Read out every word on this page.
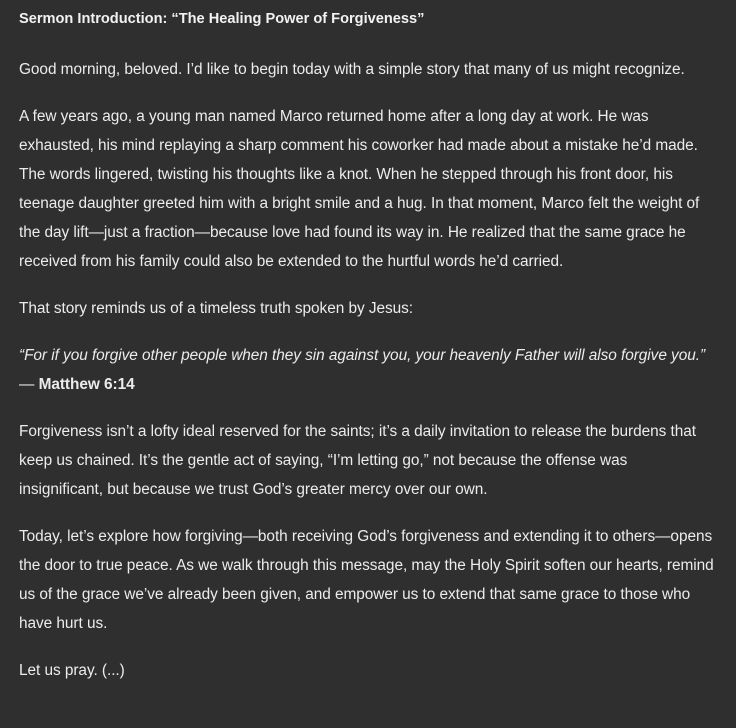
Sermon Introduction: “The Healing Power of Forgiveness”

Good morning, beloved. I’d like to begin today with a simple story that many of us might recognize.

A few years ago, a young man named Marco returned home after a long day at work. He was exhausted, his mind replaying a sharp comment his coworker had made about a mistake he’d made. The words lingered, twisting his thoughts like a knot. When he stepped through his front door, his teenage daughter greeted him with a bright smile and a hug. In that moment, Marco felt the weight of the day lift—just a fraction—because love had found its way in. He realized that the same grace he received from his family could also be extended to the hurtful words he’d carried.

That story reminds us of a timeless truth spoken by Jesus:

“For if you forgive other people when they sin against you, your heavenly Father will also forgive you.” — Matthew 6:14

Forgiveness isn’t a lofty ideal reserved for the saints; it’s a daily invitation to release the burdens that keep us chained. It’s the gentle act of saying, “I’m letting go,” not because the offense was insignificant, but because we trust God’s greater mercy over our own.

Today, let’s explore how forgiving—both receiving God’s forgiveness and extending it to others—opens the door to true peace. As we walk through this message, may the Holy Spirit soften our hearts, remind us of the grace we’ve already been given, and empower us to extend that same grace to those who have hurt us.

Let us pray. (...)
